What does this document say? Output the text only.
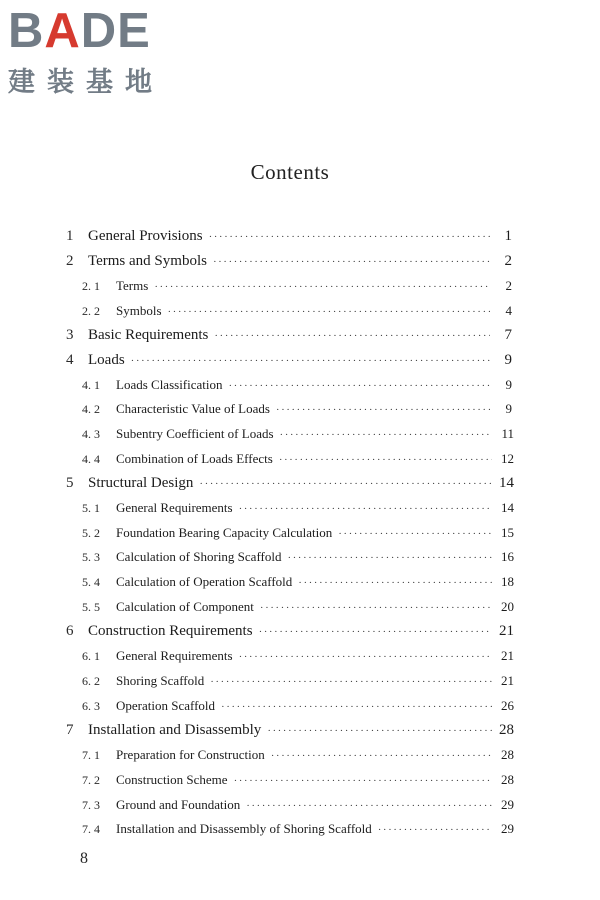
BADE
建装基地
Contents
1 General Provisions ·····	1
2 Terms and Symbols ·····	2
2. 1	Terms ·····	2
2. 2	Symbols ·····	4
3 Basic Requirements ·····	7
4 Loads ·····	9
4. 1	Loads Classification ·····	9
4. 2	Characteristic Value of Loads ·····	9
4. 3	Subentry Coefficient of Loads ·····	11
4. 4	Combination of Loads Effects ·····	12
5 Structural Design ·····	14
5. 1	General Requirements ·····	14
5. 2	Foundation Bearing Capacity Calculation ·····	15
5. 3	Calculation of Shoring Scaffold ·····	16
5. 4	Calculation of Operation Scaffold ·····	18
5. 5	Calculation of Component ·····	20
6 Construction Requirements ·····	21
6. 1	General Requirements ·····	21
6. 2	Shoring Scaffold ·····	21
6. 3	Operation Scaffold ·····	26
7 Installation and Disassembly ·····	28
7. 1	Preparation for Construction ·····	28
7. 2	Construction Scheme ·····	28
7. 3	Ground and Foundation ·····	29
7. 4	Installation and Disassembly of Shoring Scaffold ·····	29
8
